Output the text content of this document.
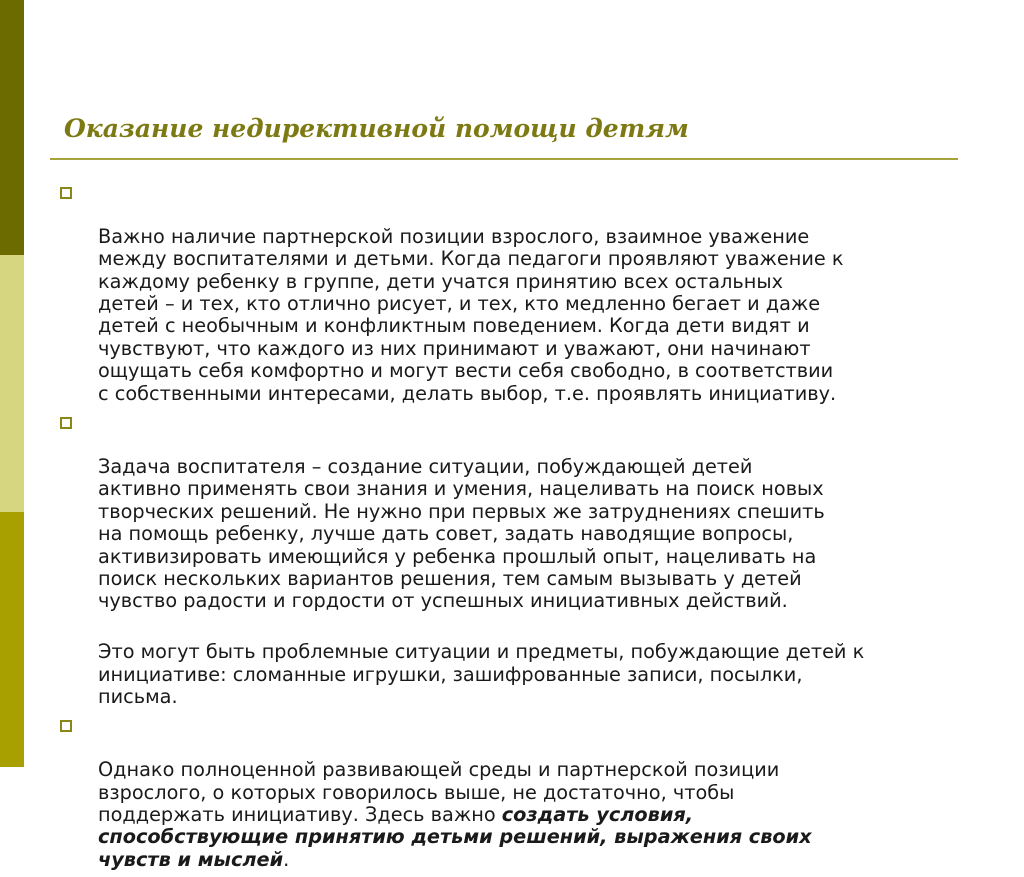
Оказание недирективной помощи детям

Важно наличие партнерской позиции взрослого, взаимное уважение
между воспитателями и детьми. Когда педагоги проявляют уважение к
каждому ребенку в группе, дети учатся принятию всех остальных
детей – и тех, кто отлично рисует, и тех, кто медленно бегает и даже
детей с необычным и конфликтным поведением. Когда дети видят и
чувствуют, что каждого из них принимают и уважают, они начинают
ощущать себя комфортно и могут вести себя свободно, в соответствии
с собственными интересами, делать выбор, т.е. проявлять инициативу.

Задача воспитателя – создание ситуации, побуждающей детей
активно применять свои знания и умения, нацеливать на поиск новых
творческих решений. Не нужно при первых же затруднениях спешить
на помощь ребенку, лучше дать совет, задать наводящие вопросы,
активизировать имеющийся у ребенка прошлый опыт, нацеливать на
поиск нескольких вариантов решения, тем самым вызывать у детей
чувство радости и гордости от успешных инициативных действий.

Это могут быть проблемные ситуации и предметы, побуждающие детей к
инициативе: сломанные игрушки, зашифрованные записи, посылки,
письма.

Однако полноценной развивающей среды и партнерской позиции
взрослого, о которых говорилось выше, не достаточно, чтобы
поддержать инициативу. Здесь важно создать условия,
способствующие принятию детьми решений, выражения своих
чувств и мыслей.
